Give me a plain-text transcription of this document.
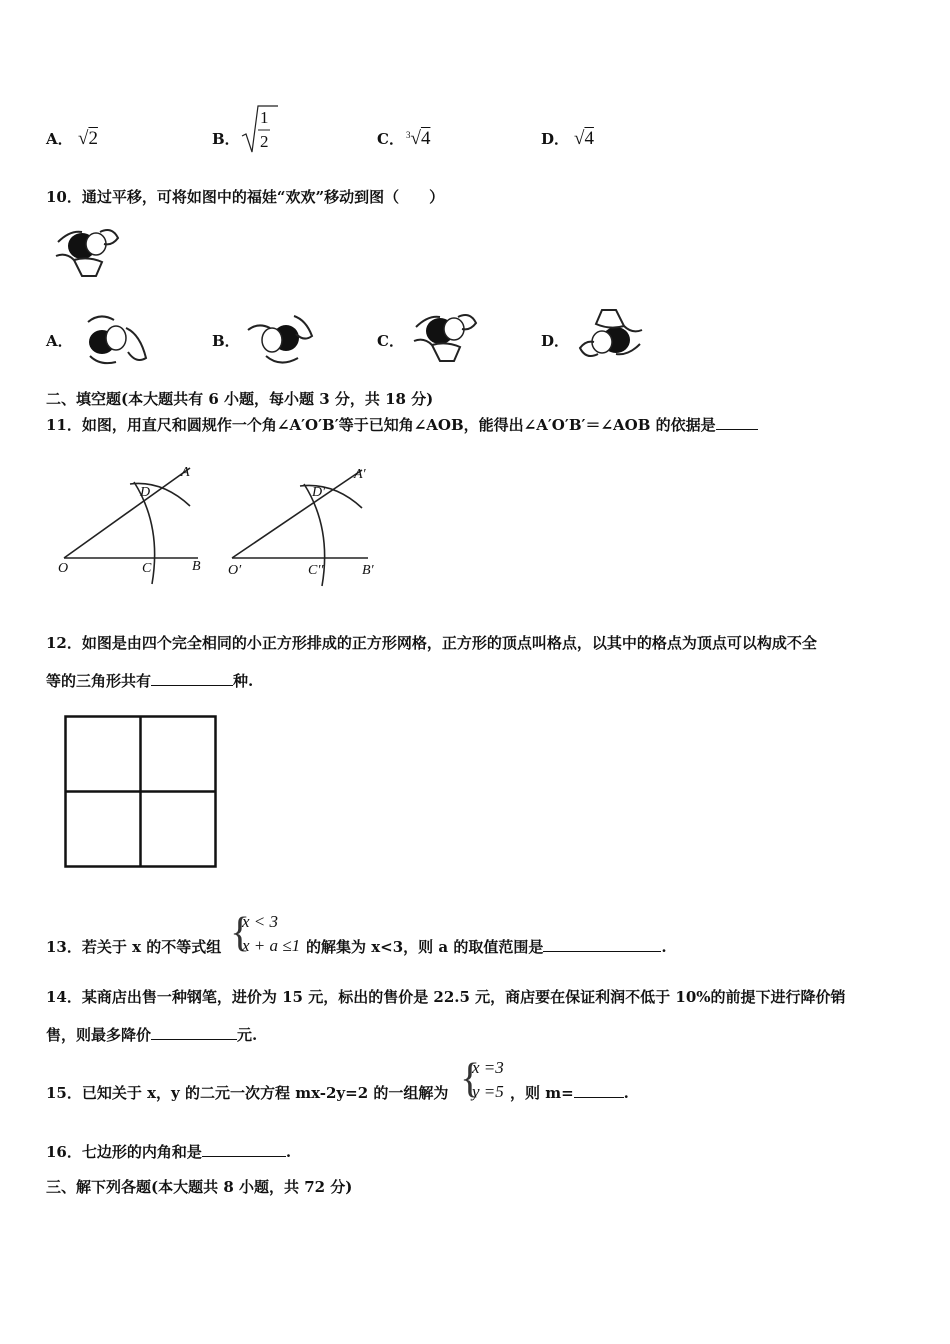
A． √2	B．
1
2	C． $^3$√4	D． √4
10．通过平移，可将如图中的福娃“欢欢”移动到图（　　）
A．	B．	C．	D．
二、填空题(本大题共有 6 小题，每小题 3 分，共 18 分)
11．如图，用直尺和圆规作一个角∠A′O′B′等于已知角∠AOB，能得出∠A′O′B′＝∠AOB 的依据是
A
D
O	C	B
A′
D′
O′	C′′	B′
12．如图是由四个完全相同的小正方形排成的正方形网格，正方形的顶点叫格点，以其中的格点为顶点可以构成不全
等的三角形共有	种.
13．若关于 x 的不等式组 {
x < 3
x + a ≤1 的解集为 x<3，则 a 的取值范围是	.
14．某商店出售一种钢笔，进价为 15 元，标出的售价是 22.5 元，商店要在保证利润不低于 10%的前提下进行降价销
售，则最多降价	元.
15．已知关于 x，y 的二元一次方程 mx-2y=2 的一组解为 {
x =3
y =5 ，则 m=	.
16．七边形的内角和是	.
三、解下列各题(本大题共 8 小题，共 72 分)
